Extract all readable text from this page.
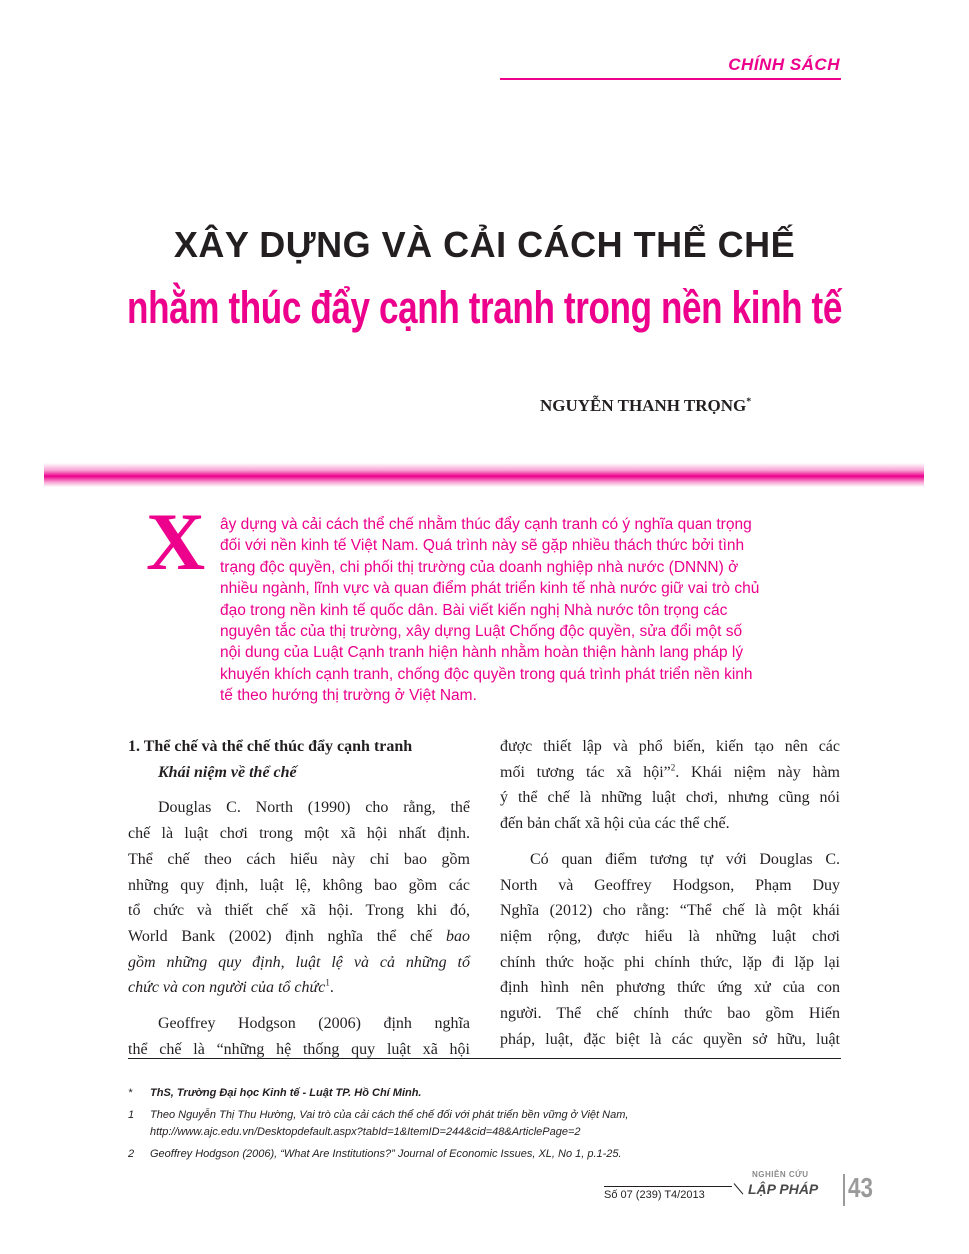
CHÍNH SÁCH
XÂY DỰNG VÀ CẢI CÁCH THỂ CHẾ
nhằm thúc đẩy cạnh tranh trong nền kinh tế
NGUYỄN THANH TRỌNG*
X ây dựng và cải cách thể chế nhằm thúc đẩy cạnh tranh có ý nghĩa quan trọng
đối với nền kinh tế Việt Nam. Quá trình này sẽ gặp nhiều thách thức bởi tình
trạng độc quyền, chi phối thị trường của doanh nghiệp nhà nước (DNNN) ở
nhiều ngành, lĩnh vực và quan điểm phát triển kinh tế nhà nước giữ vai trò chủ
đạo trong nền kinh tế quốc dân. Bài viết kiến nghị Nhà nước tôn trọng các
nguyên tắc của thị trường, xây dựng Luật Chống độc quyền, sửa đổi một số
nội dung của Luật Cạnh tranh hiện hành nhằm hoàn thiện hành lang pháp lý
khuyến khích cạnh tranh, chống độc quyền trong quá trình phát triển nền kinh
tế theo hướng thị trường ở Việt Nam.
1. Thể chế và thể chế thúc đẩy cạnh tranh
Khái niệm về thể chế
Douglas C. North (1990) cho rằng, thể
chế là luật chơi trong một xã hội nhất định.
Thể chế theo cách hiểu này chỉ bao gồm
những quy định, luật lệ, không bao gồm các
tổ chức và thiết chế xã hội. Trong khi đó,
World Bank (2002) định nghĩa thể chế bao
gồm những quy định, luật lệ và cả những tổ
chức và con người của tổ chức$^1$.
Geoffrey Hodgson (2006) định nghĩa
thể chế là “những hệ thống quy luật xã hội
được thiết lập và phổ biến, kiến tạo nên các
mối tương tác xã hội”$^2$. Khái niệm này hàm
ý thể chế là những luật chơi, nhưng cũng nói
đến bản chất xã hội của các thể chế.
Có quan điểm tương tự với Douglas C.
North và Geoffrey Hodgson, Phạm Duy
Nghĩa (2012) cho rằng: “Thể chế là một khái
niệm rộng, được hiểu là những luật chơi
chính thức hoặc phi chính thức, lặp đi lặp lại
định hình nên phương thức ứng xử của con
người. Thể chế chính thức bao gồm Hiến
pháp, luật, đặc biệt là các quyền sở hữu, luật
*	ThS, Trường Đại học Kinh tế - Luật TP. Hồ Chí Minh.
1	Theo Nguyễn Thị Thu Hường, Vai trò của cải cách thể chế đối với phát triển bền vững ở Việt Nam, http://www.ajc.edu.vn/Desktopdefault.aspx?tabId=1&ItemID=244&cid=48&ArticlePage=2
2	Geoffrey Hodgson (2006), “What Are Institutions?” Journal of Economic Issues, XL, No 1, p.1-25.
Số 07 (239) T4/2013
NGHIÊN CỨU
LẬP PHÁP 43
